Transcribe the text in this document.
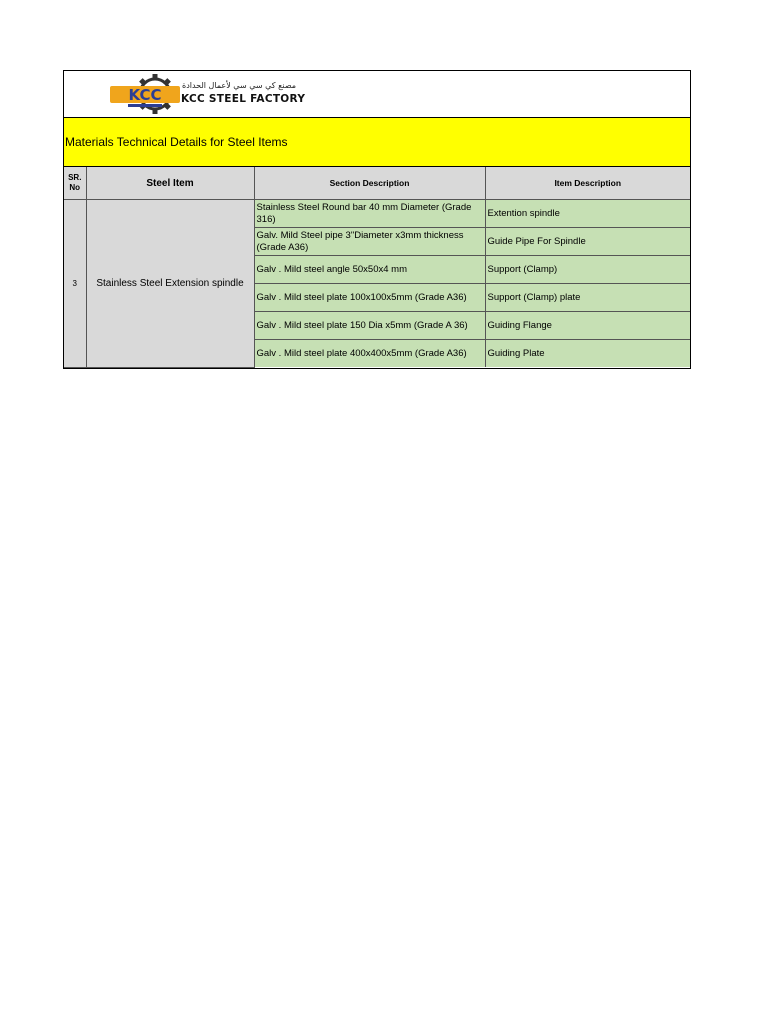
KCC
مصنع كي سي سي لأعمال الحدادة
KCC STEEL FACTORY
Materials Technical Details for Steel Items
SR. No	Steel Item	Section Description	Item Description
3	Stainless Steel Extension spindle	Stainless Steel Round bar 40 mm Diameter (Grade 316)	Extention spindle
		Galv. Mild Steel pipe 3"Diameter x3mm thickness (Grade A36)	Guide Pipe For Spindle
		Galv . Mild steel angle 50x50x4 mm	Support (Clamp)
		Galv . Mild steel plate 100x100x5mm (Grade A36)	Support (Clamp) plate
		Galv . Mild steel plate 150 Dia x5mm (Grade A 36)	Guiding Flange
		Galv . Mild steel plate 400x400x5mm (Grade A36)	Guiding Plate
